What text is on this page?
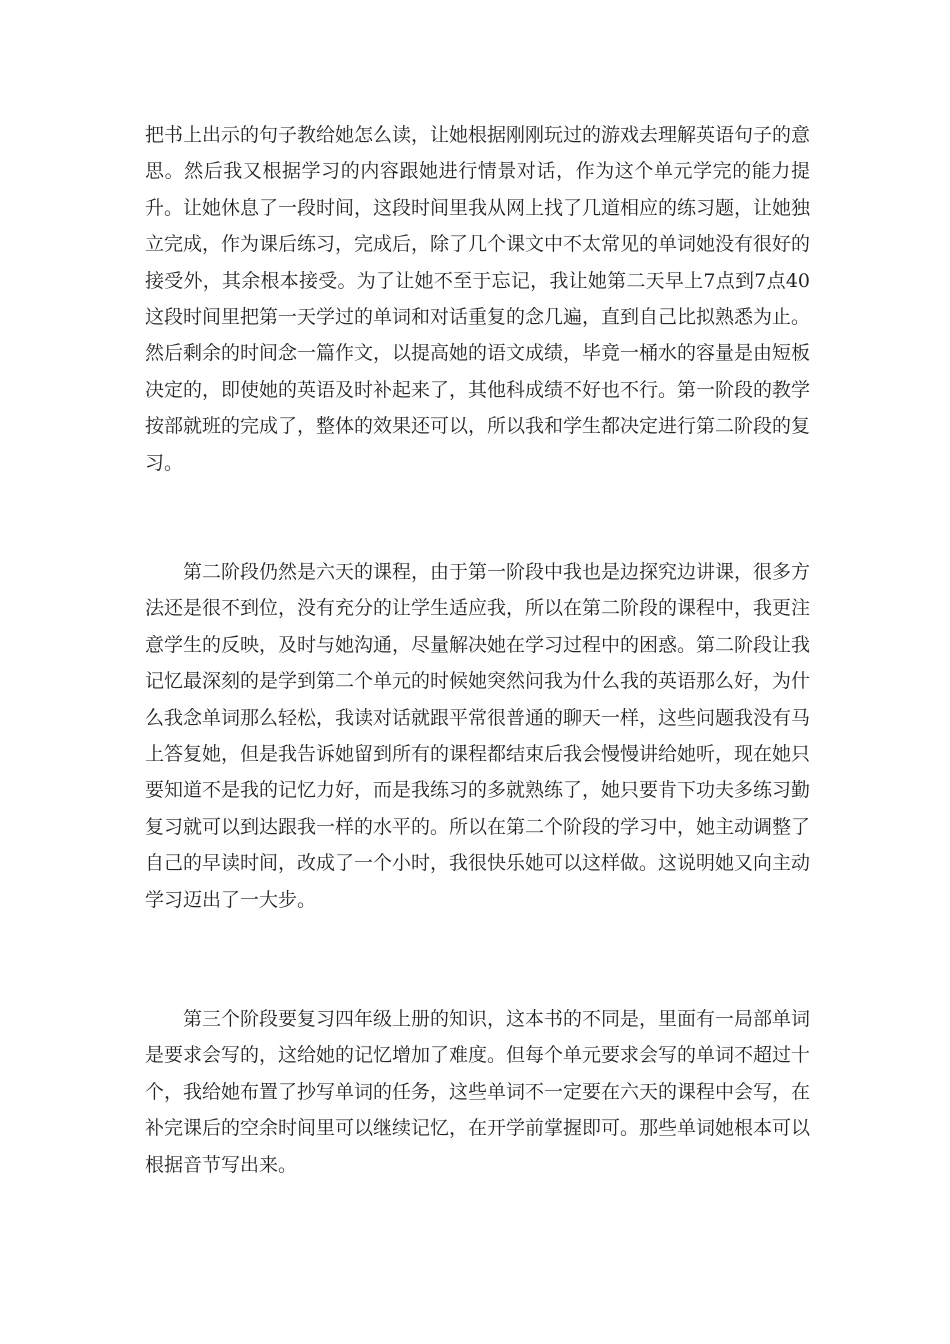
把书上出示的句子教给她怎么读，让她根据刚刚玩过的游戏去理解英语句子的意思。然后我又根据学习的内容跟她进行情景对话，作为这个单元学完的能力提升。让她休息了一段时间，这段时间里我从网上找了几道相应的练习题，让她独立完成，作为课后练习，完成后，除了几个课文中不太常见的单词她没有很好的接受外，其余根本接受。为了让她不至于忘记，我让她第二天早上7点到7点40这段时间里把第一天学过的单词和对话重复的念几遍，直到自己比拟熟悉为止。然后剩余的时间念一篇作文，以提高她的语文成绩，毕竟一桶水的容量是由短板决定的，即使她的英语及时补起来了，其他科成绩不好也不行。第一阶段的教学按部就班的完成了，整体的效果还可以，所以我和学生都决定进行第二阶段的复习。

第二阶段仍然是六天的课程，由于第一阶段中我也是边探究边讲课，很多方法还是很不到位，没有充分的让学生适应我，所以在第二阶段的课程中，我更注意学生的反映，及时与她沟通，尽量解决她在学习过程中的困惑。第二阶段让我记忆最深刻的是学到第二个单元的时候她突然问我为什么我的英语那么好，为什么我念单词那么轻松，我读对话就跟平常很普通的聊天一样，这些问题我没有马上答复她，但是我告诉她留到所有的课程都结束后我会慢慢讲给她听，现在她只要知道不是我的记忆力好，而是我练习的多就熟练了，她只要肯下功夫多练习勤复习就可以到达跟我一样的水平的。所以在第二个阶段的学习中，她主动调整了自己的早读时间，改成了一个小时，我很快乐她可以这样做。这说明她又向主动学习迈出了一大步。

第三个阶段要复习四年级上册的知识，这本书的不同是，里面有一局部单词是要求会写的，这给她的记忆增加了难度。但每个单元要求会写的单词不超过十个，我给她布置了抄写单词的任务，这些单词不一定要在六天的课程中会写，在补完课后的空余时间里可以继续记忆，在开学前掌握即可。那些单词她根本可以根据音节写出来。
